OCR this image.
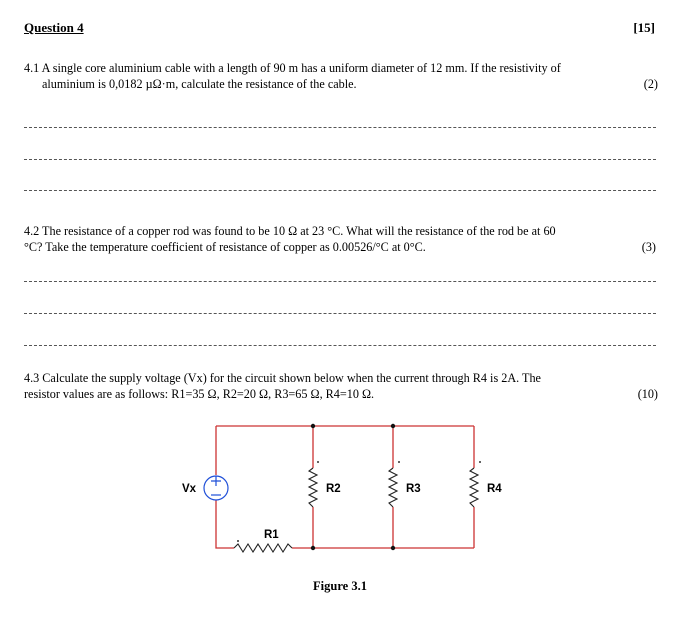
Question 4	[15]
4.1 A single core aluminium cable with a length of 90 m has a uniform diameter of 12 mm. If the resistivity of
aluminium is 0,0182 µΩ·m, calculate the resistance of the cable.	(2)
4.2 The resistance of a copper rod was found to be 10 Ω at 23 °C. What will the resistance of the rod be at 60
°C? Take the temperature coefficient of resistance of copper as 0.00526/°C at 0°C.	(3)
4.3 Calculate the supply voltage (Vx) for the circuit shown below when the current through R4 is 2A. The
resistor values are as follows: R1=35 Ω, R2=20 Ω, R3=65 Ω, R4=10 Ω.	(10)
Vx	R2	R3	R4
R1
Figure 3.1
